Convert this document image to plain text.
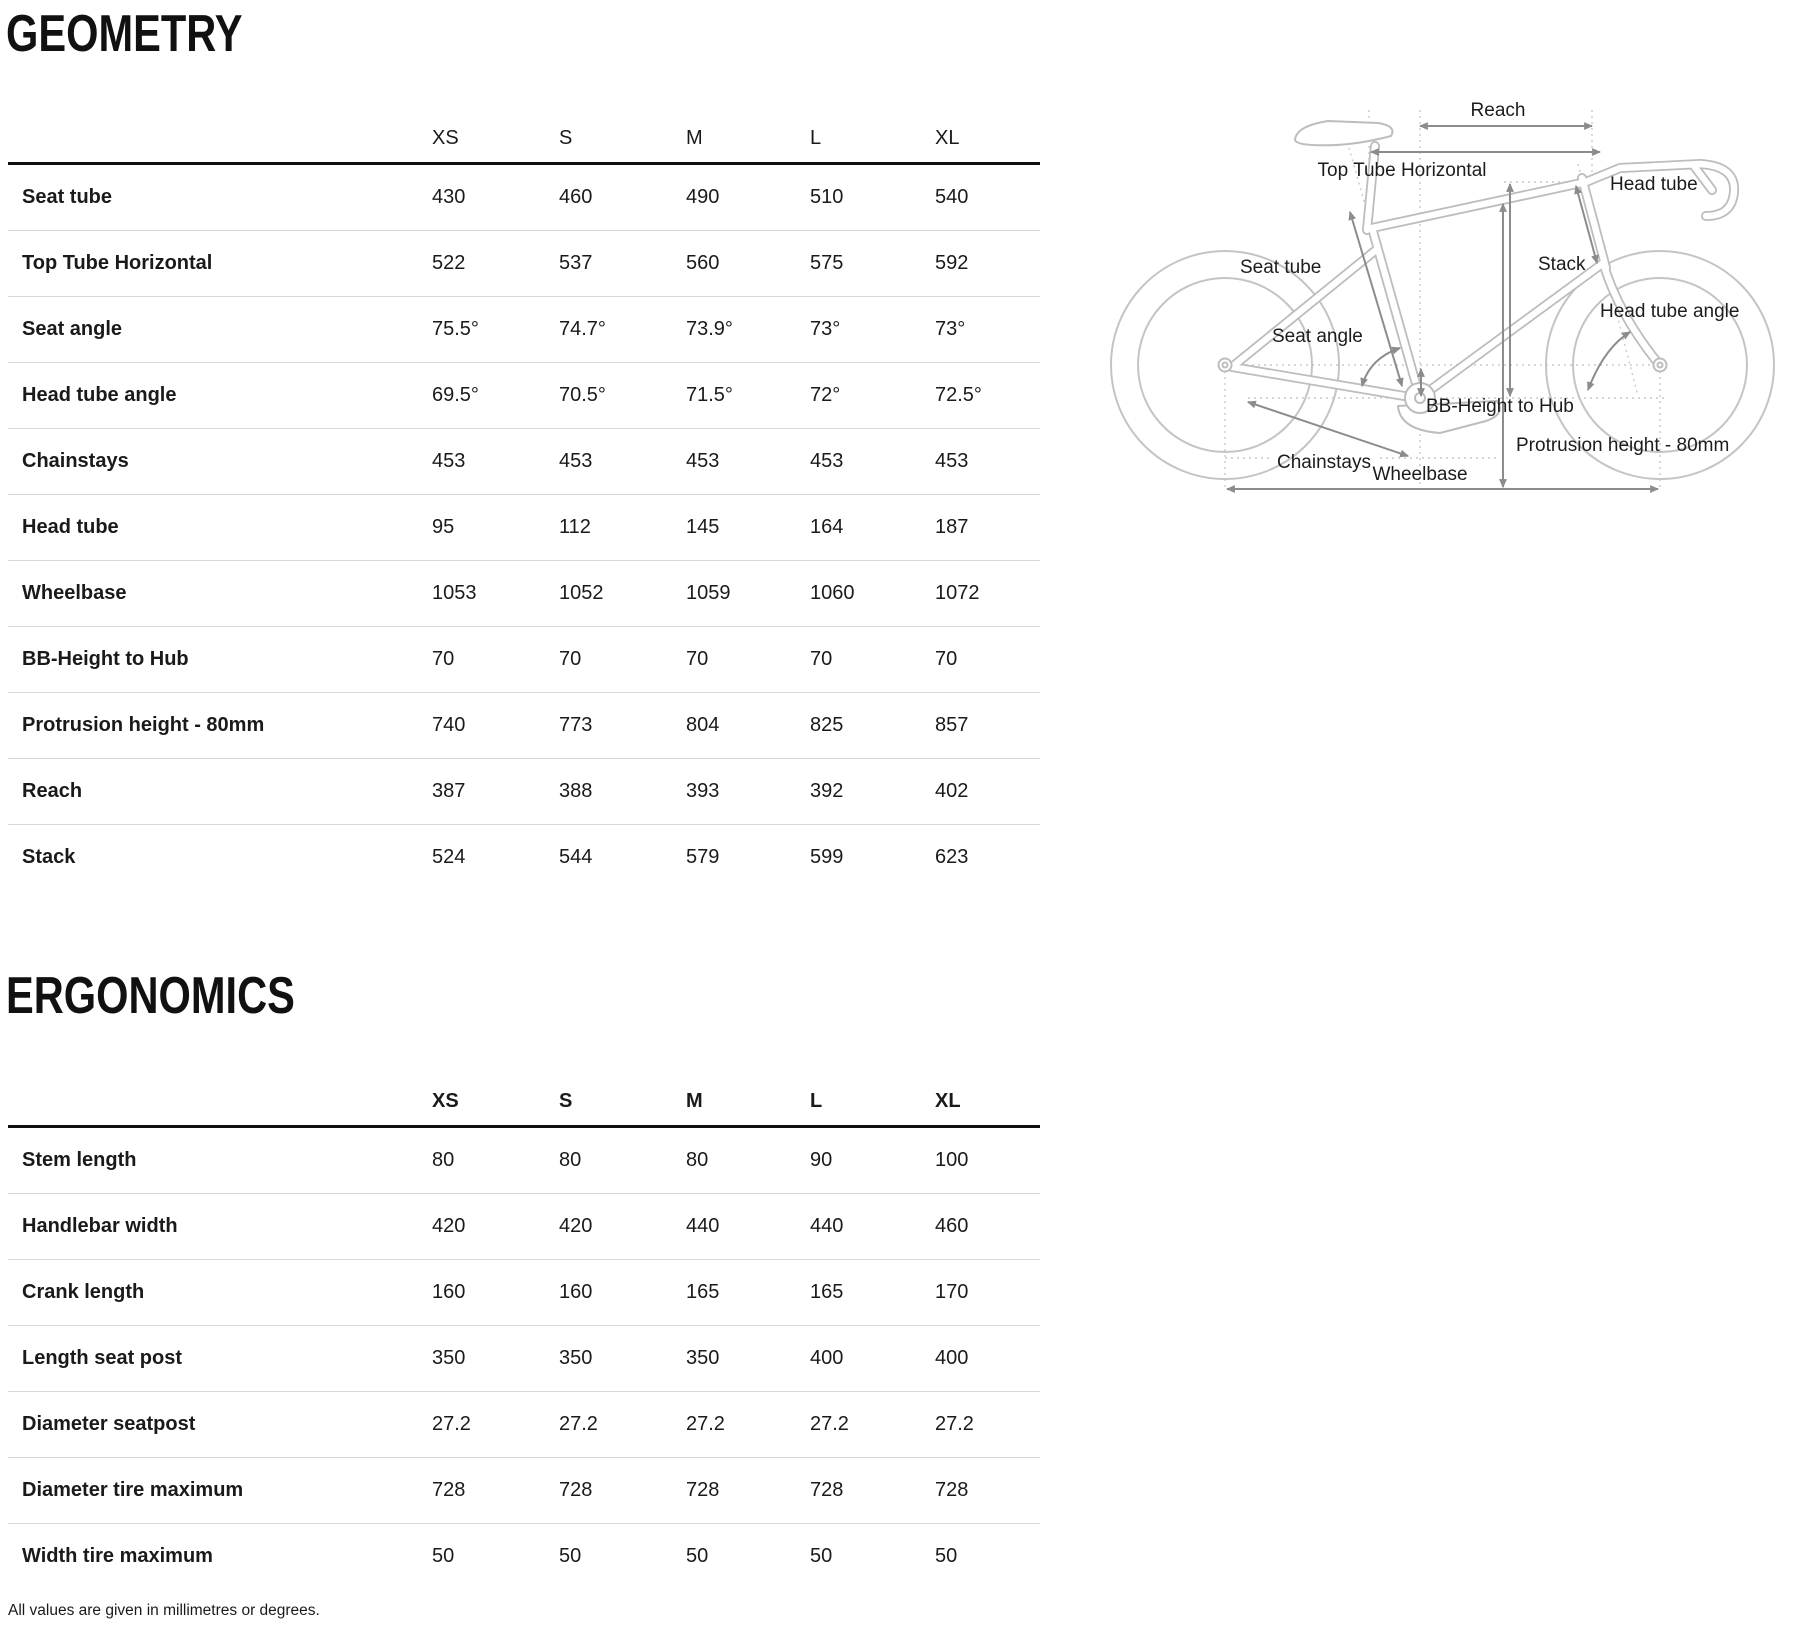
GEOMETRY
XS	S	M	L	XL
Seat tube	430	460	490	510	540
Top Tube Horizontal	522	537	560	575	592
Seat angle	75.5°	74.7°	73.9°	73°	73°
Head tube angle	69.5°	70.5°	71.5°	72°	72.5°
Chainstays	453	453	453	453	453
Head tube	95	112	145	164	187
Wheelbase	1053	1052	1059	1060	1072
BB-Height to Hub	70	70	70	70	70
Protrusion height - 80mm	740	773	804	825	857
Reach	387	388	393	392	402
Stack	524	544	579	599	623
Reach
Top Tube Horizontal
Head tube
Seat tube	Stack
Head tube angle
Seat angle
BB-Height to Hub
Chainstays
Protrusion height - 80mm
Wheelbase
ERGONOMICS
XS	S	M	L	XL
Stem length	80	80	80	90	100
Handlebar width	420	420	440	440	460
Crank length	160	160	165	165	170
Length seat post	350	350	350	400	400
Diameter seatpost	27.2	27.2	27.2	27.2	27.2
Diameter tire maximum	728	728	728	728	728
Width tire maximum	50	50	50	50	50
All values are given in millimetres or degrees.
